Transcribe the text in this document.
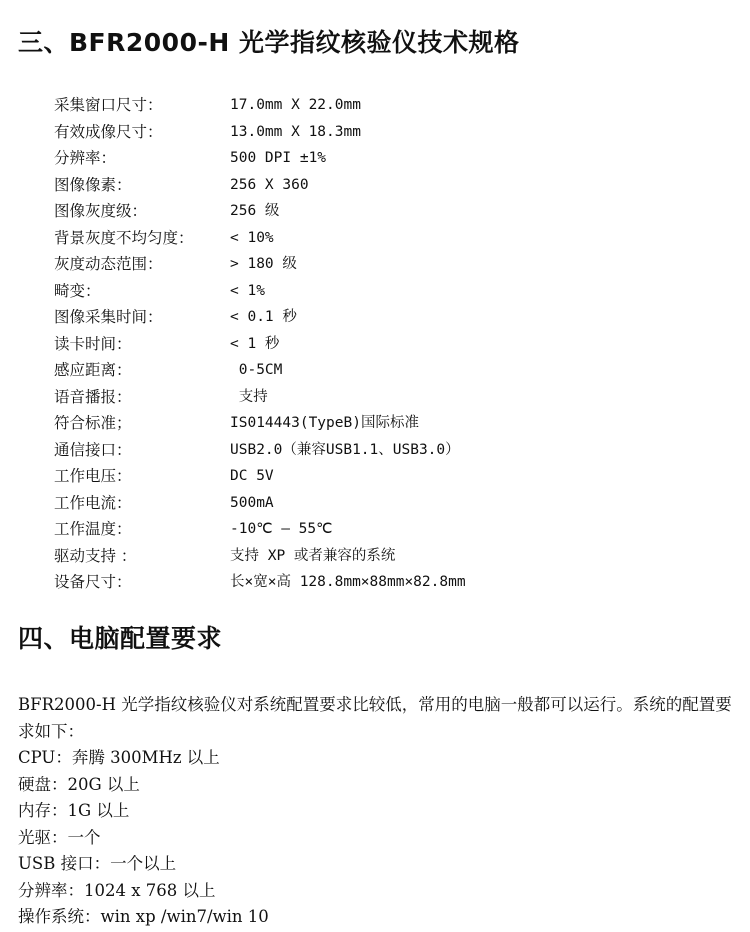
三、BFR2000-H 光学指纹核验仪技术规格
采集窗口尺寸：	17.0mm X 22.0mm
有效成像尺寸：	13.0mm X 18.3mm
分辨率：	500 DPI ±1%
图像像素：	256 X 360
图像灰度级：	256 级
背景灰度不均匀度：	< 10%
灰度动态范围：	> 180 级
畸变：	< 1%
图像采集时间：	< 0.1 秒
读卡时间：	< 1 秒
感应距离：	0-5CM
语音播报：	支持
符合标准；	IS014443(TypeB)国际标准
通信接口：	USB2.0（兼容USB1.1、USB3.0）
工作电压：	DC 5V
工作电流：	500mA
工作温度：	-10℃ — 55℃
驱动支持 ：	支持 XP 或者兼容的系统
设备尺寸：	长×宽×高 128.8mm×88mm×82.8mm
四、电脑配置要求

BFR2000-H 光学指纹核验仪对系统配置要求比较低，常用的电脑一般都可以运行。系统的配置要求如下：

CPU：奔腾 300MHz 以上
硬盘：20G 以上
内存：1G 以上
光驱：一个
USB 接口：一个以上
分辨率：1024 x 768 以上
操作系统：win xp /win7/win 10
